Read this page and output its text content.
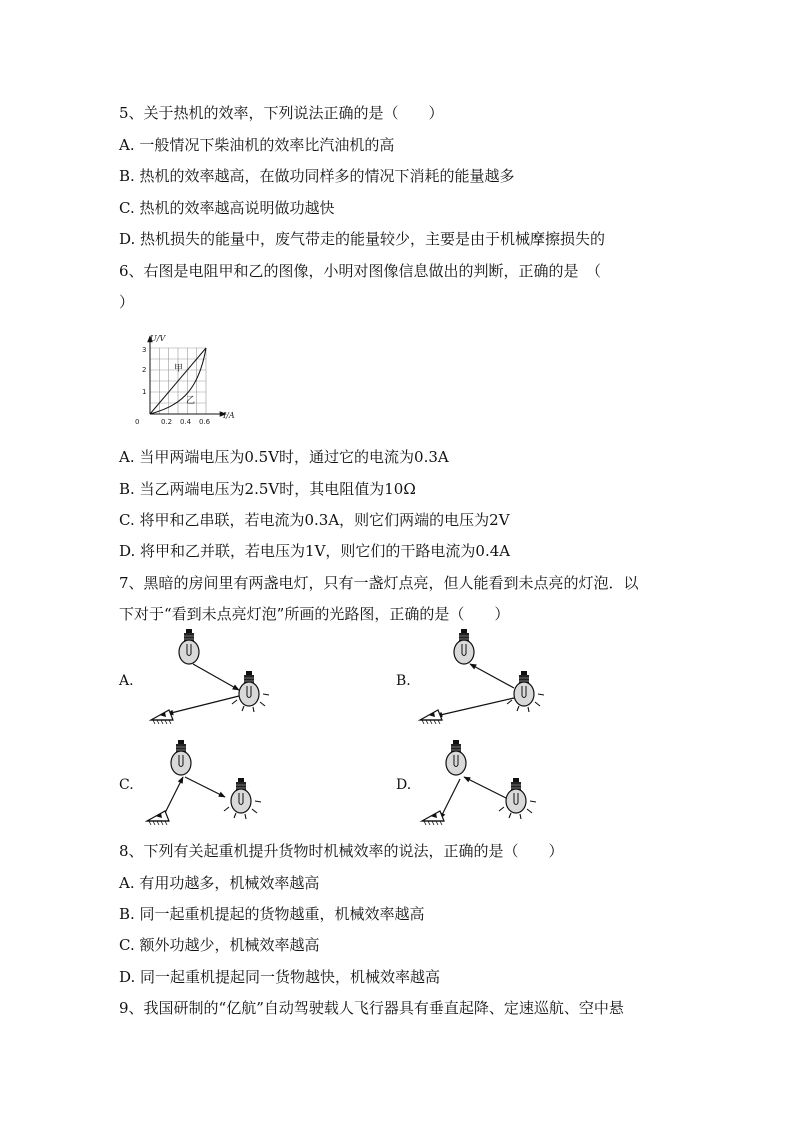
5、关于热机的效率，下列说法正确的是（　　）
A. 一般情况下柴油机的效率比汽油机的高
B. 热机的效率越高，在做功同样多的情况下消耗的能量越多
C. 热机的效率越高说明做功越快
D. 热机损失的能量中，废气带走的能量较少，主要是由于机械摩擦损失的
6、右图是电阻甲和乙的图像，小明对图像信息做出的判断，正确的是　（
）
U/V
I/A
0
1
2
3
0.2 0.4 0.6
甲
乙
A. 当甲两端电压为0.5V时，通过它的电流为0.3A
B. 当乙两端电压为2.5V时，其电阻值为10Ω
C. 将甲和乙串联，若电流为0.3A，则它们两端的电压为2V
D. 将甲和乙并联，若电压为1V，则它们的干路电流为0.4A
7、黑暗的房间里有两盏电灯，只有一盏灯点亮，但人能看到未点亮的灯泡．以
下对于“看到未点亮灯泡”所画的光路图，正确的是（　　）
A.	B.
C.	D.
8、下列有关起重机提升货物时机械效率的说法，正确的是（　　）
A. 有用功越多，机械效率越高
B. 同一起重机提起的货物越重，机械效率越高
C. 额外功越少，机械效率越高
D. 同一起重机提起同一货物越快，机械效率越高
9、我国研制的“亿航”自动驾驶载人飞行器具有垂直起降、定速巡航、空中悬
